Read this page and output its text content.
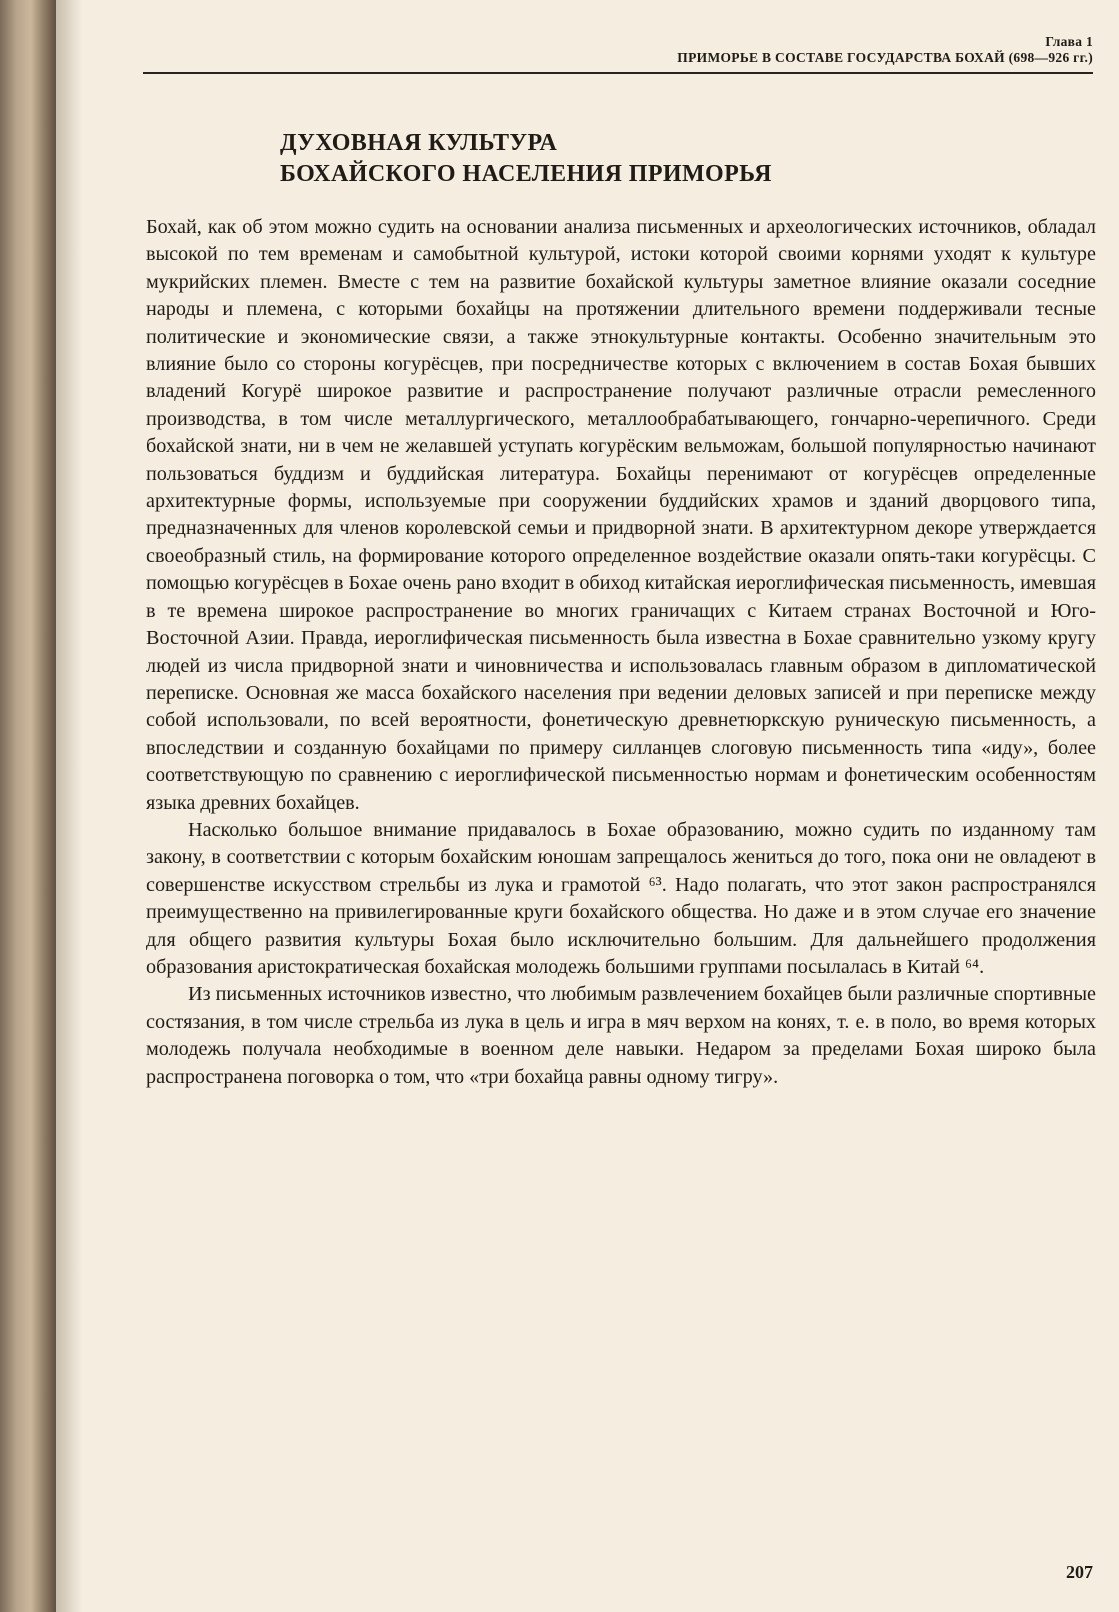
Глава 1
ПРИМОРЬЕ В СОСТАВЕ ГОСУДАРСТВА БОХАЙ (698—926 гг.)
ДУХОВНАЯ КУЛЬТУРА
БОХАЙСКОГО НАСЕЛЕНИЯ ПРИМОРЬЯ

Бохай, как об этом можно судить на основании анализа письменных и археологических источников, обладал высокой по тем временам и самобытной культурой, истоки которой своими корнями уходят к культуре мукрийских племен. Вместе с тем на развитие бохайской культуры заметное влияние оказали соседние народы и племена, с которыми бохайцы на протяжении длительного времени поддерживали тесные политические и экономические связи, а также этнокультурные контакты. Особенно значительным это влияние было со стороны когурёсцев, при посредничестве которых с включением в состав Бохая бывших владений Когурё широкое развитие и распространение получают различные отрасли ремесленного производства, в том числе металлургического, металлообрабатывающего, гончарно-черепичного. Среди бохайской знати, ни в чем не желавшей уступать когурёским вельможам, большой популярностью начинают пользоваться буддизм и буддийская литература. Бохайцы перенимают от когурёсцев определенные архитектурные формы, используемые при сооружении буддийских храмов и зданий дворцового типа, предназначенных для членов королевской семьи и придворной знати. В архитектурном декоре утверждается своеобразный стиль, на формирование которого определенное воздействие оказали опять-таки когурёсцы. С помощью когурёсцев в Бохае очень рано входит в обиход китайская иероглифическая письменность, имевшая в те времена широкое распространение во многих граничащих с Китаем странах Восточной и Юго-Восточной Азии. Правда, иероглифическая письменность была известна в Бохае сравнительно узкому кругу людей из числа придворной знати и чиновничества и использовалась главным образом в дипломатической переписке. Основная же масса бохайского населения при ведении деловых записей и при переписке между собой использовали, по всей вероятности, фонетическую древнетюркскую руническую письменность, а впоследствии и созданную бохайцами по примеру силланцев слоговую письменность типа «иду», более соответствующую по сравнению с иероглифической письменностью нормам и фонетическим особенностям языка древних бохайцев.

Насколько большое внимание придавалось в Бохае образованию, можно судить по изданному там закону, в соответствии с которым бохайским юношам запрещалось жениться до того, пока они не овладеют в совершенстве искусством стрельбы из лука и грамотой ⁶³. Надо полагать, что этот закон распространялся преимущественно на привилегированные круги бохайского общества. Но даже и в этом случае его значение для общего развития культуры Бохая было исключительно большим. Для дальнейшего продолжения образования аристократическая бохайская молодежь большими группами посылалась в Китай ⁶⁴.

Из письменных источников известно, что любимым развлечением бохайцев были различные спортивные состязания, в том числе стрельба из лука в цель и игра в мяч верхом на конях, т. е. в поло, во время которых молодежь получала необходимые в военном деле навыки. Недаром за пределами Бохая широко была распространена поговорка о том, что «три бохайца равны одному тигру».

207
